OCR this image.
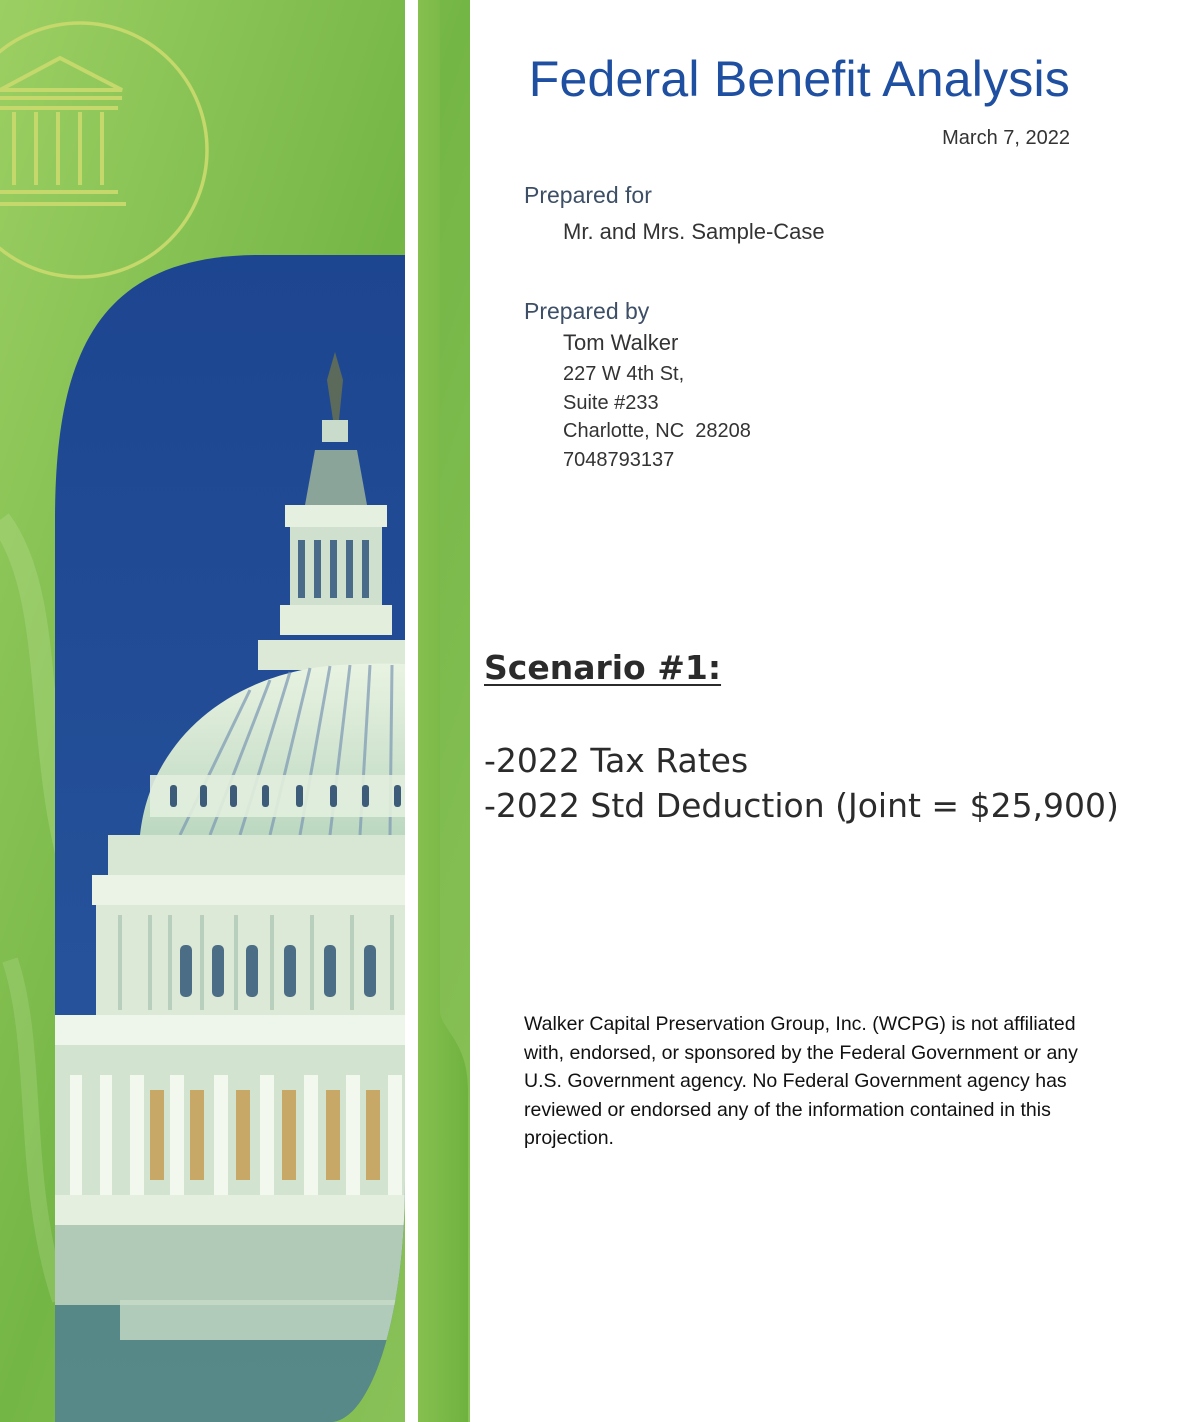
Federal Benefit Analysis
March 7, 2022
Prepared for
Mr. and Mrs. Sample-Case
Prepared by
Tom Walker
227 W 4th St,
Suite #233
Charlotte, NC  28208
7048793137
Scenario #1:
-2022 Tax Rates
-2022 Std Deduction (Joint = $25,900)
Walker Capital Preservation Group, Inc. (WCPG) is not affiliated with, endorsed, or sponsored by the Federal Government or any U.S. Government agency. No Federal Government agency has reviewed or endorsed any of the information contained in this projection.
